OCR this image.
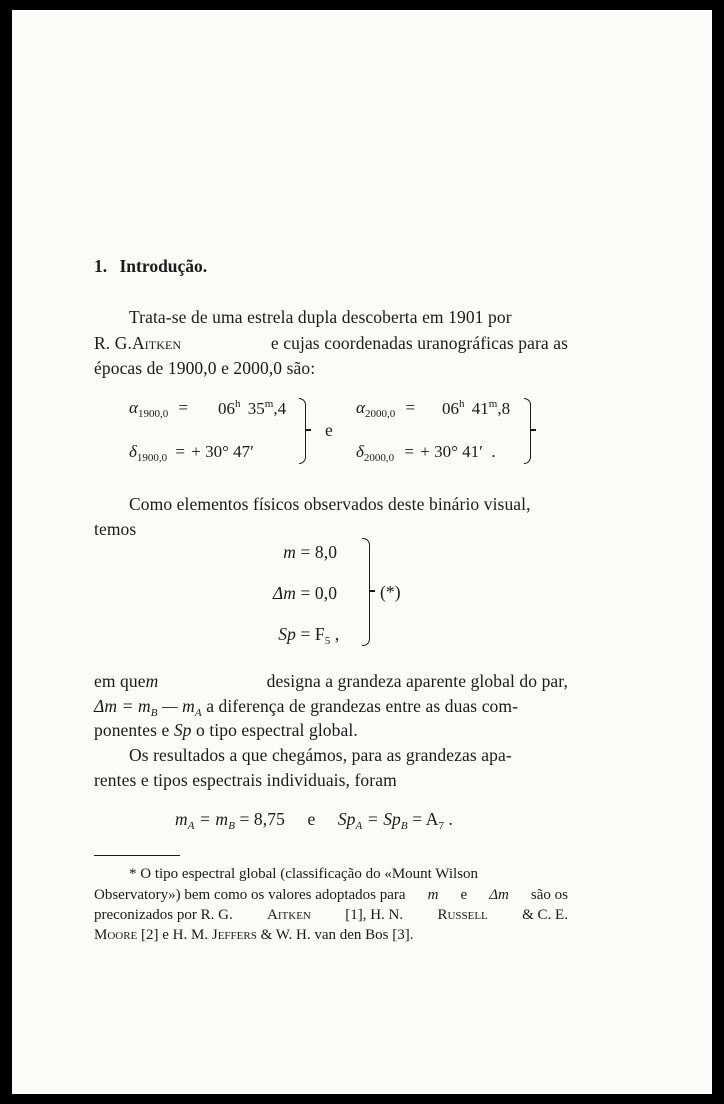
1. Introdução.
Trata-se de uma estrela dupla descoberta em 1901 por
R. G. Aitken	e cujas coordenadas uranográficas para as
épocas de 1900,0 e 2000,0 são:
$\alpha_{1900,0} = 06^h$ 35$^m$,4
$\delta_{1900,0}$ = + 30° 47′
e
$\alpha_{2000,0} = 06^h$ 41$^m$,8
$\delta_{2000,0}$ = + 30° 41′  .
Como elementos físicos observados deste binário visual,
temos
m = 8,0
Δm = 0,0
$Sp = F_5$ ,
(*)
em que m	designa a grandeza aparente global do par,
$\Delta m = m_B$ — $m_A$ a diferença de grandezas entre as duas com-
ponentes e Sp o tipo espectral global.
Os resultados a que chegámos, para as grandezas apa-
rentes e tipos espectrais individuais, foram
$m_A = m_B = 8,75$ e $Sp_A = Sp_B = A_7$ .
* O tipo espectral global (classificação do «Mount Wilson
Observatory») bem como os valores adoptados para m e Δm são os
preconizados por R. G. Aitken [1], H. N. Russell & C. E.
Moore [2] e H. M. Jeffers & W. H. van den Bos [3].
